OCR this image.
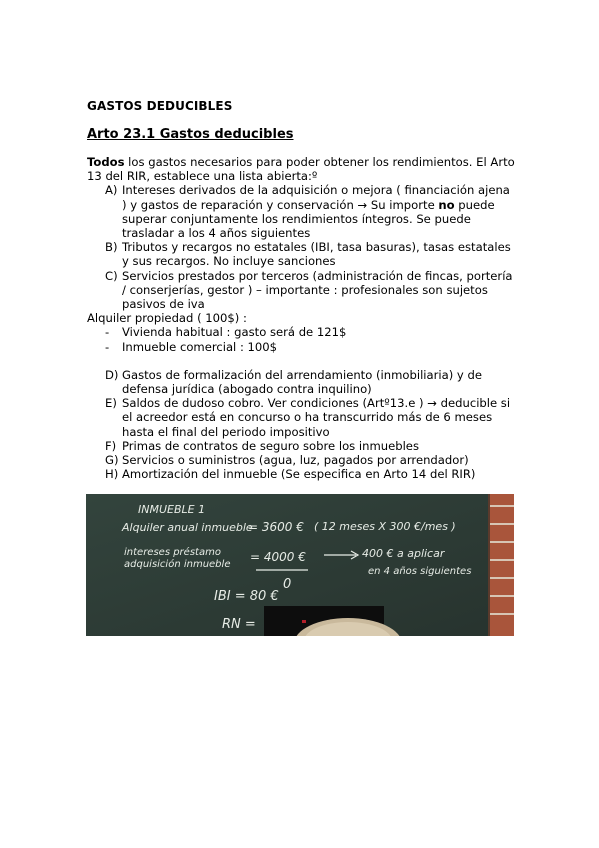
GASTOS DEDUCIBLES
Arto 23.1 Gastos deducibles

Todos los gastos necesarios para poder obtener los rendimientos. El Arto 13 del RIR, establece una lista abierta:º

A) Intereses derivados de la adquisición o mejora ( financiación ajena ) y gastos de reparación y conservación → Su importe no puede superar conjuntamente los rendimientos íntegros. Se puede trasladar a los 4 años siguientes
B) Tributos y recargos no estatales (IBI, tasa basuras), tasas estatales y sus recargos. No incluye sanciones
C) Servicios prestados por terceros (administración de fincas, portería / conserjerías, gestor ) – importante : profesionales son sujetos pasivos de iva

Alquiler propiedad ( 100$) :

- Vivienda habitual : gasto será de 121$
- Inmueble comercial : 100$
D) Gastos de formalización del arrendamiento (inmobiliaria) y de defensa jurídica (abogado contra inquilino)
E) Saldos de dudoso cobro. Ver condiciones (Artº13.e ) → deducible si el acreedor está en concurso o ha transcurrido más de 6 meses hasta el final del periodo impositivo
F) Primas de contratos de seguro sobre los inmuebles
G) Servicios o suministros (agua, luz, pagados por arrendador)
H) Amortización del inmueble (Se especifica en Arto 14 del RIR)
INMUEBLE 1
Alquiler anual inmueble
= 3600 € ( 12 meses X 300 €/mes )
intereses préstamo
adquisición inmueble
= 4000 €
0
400 € a aplicar
en 4 años siguientes
IBI = 80 €
RN =
